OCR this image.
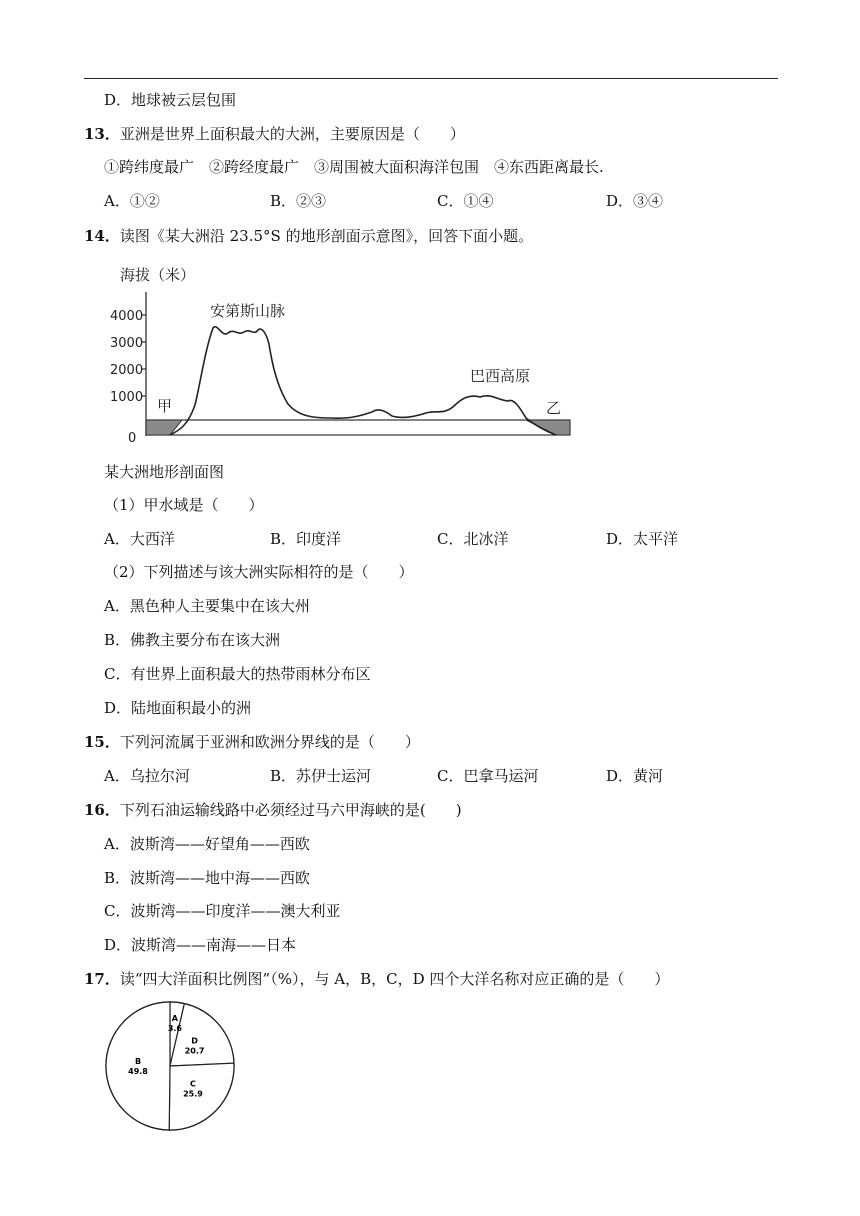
D．地球被云层包围
13．亚洲是世界上面积最大的大洲，主要原因是（　　）
①跨纬度最广　②跨经度最广　③周围被大面积海洋包围　④东西距离最长.
A．①②	B．②③	C．①④	D．③④
14．读图《某大洲沿 23.5°S 的地形剖面示意图》，回答下面小题。
海拔（米）
4000
3000
2000
1000
0
安第斯山脉
巴西高原
甲	乙
某大洲地形剖面图
（1）甲水域是（　　）
A．大西洋	B．印度洋	C．北冰洋	D．太平洋
（2）下列描述与该大洲实际相符的是（　　）
A．黑色种人主要集中在该大州
B．佛教主要分布在该大洲
C．有世界上面积最大的热带雨林分布区
D．陆地面积最小的洲
15．下列河流属于亚洲和欧洲分界线的是（　　）
A．乌拉尔河	B．苏伊士运河	C．巴拿马运河	D．黄河
16．下列石油运输线路中必须经过马六甲海峡的是(　　)
A．波斯湾——好望角——西欧
B．波斯湾——地中海——西欧
C．波斯湾——印度洋——澳大利亚
D．波斯湾——南海——日本
17．读“四大洋面积比例图”（%），与 A，B，C，D 四个大洋名称对应正确的是（　　）
A
3.6
D
20.7
C
25.9
B
49.8
